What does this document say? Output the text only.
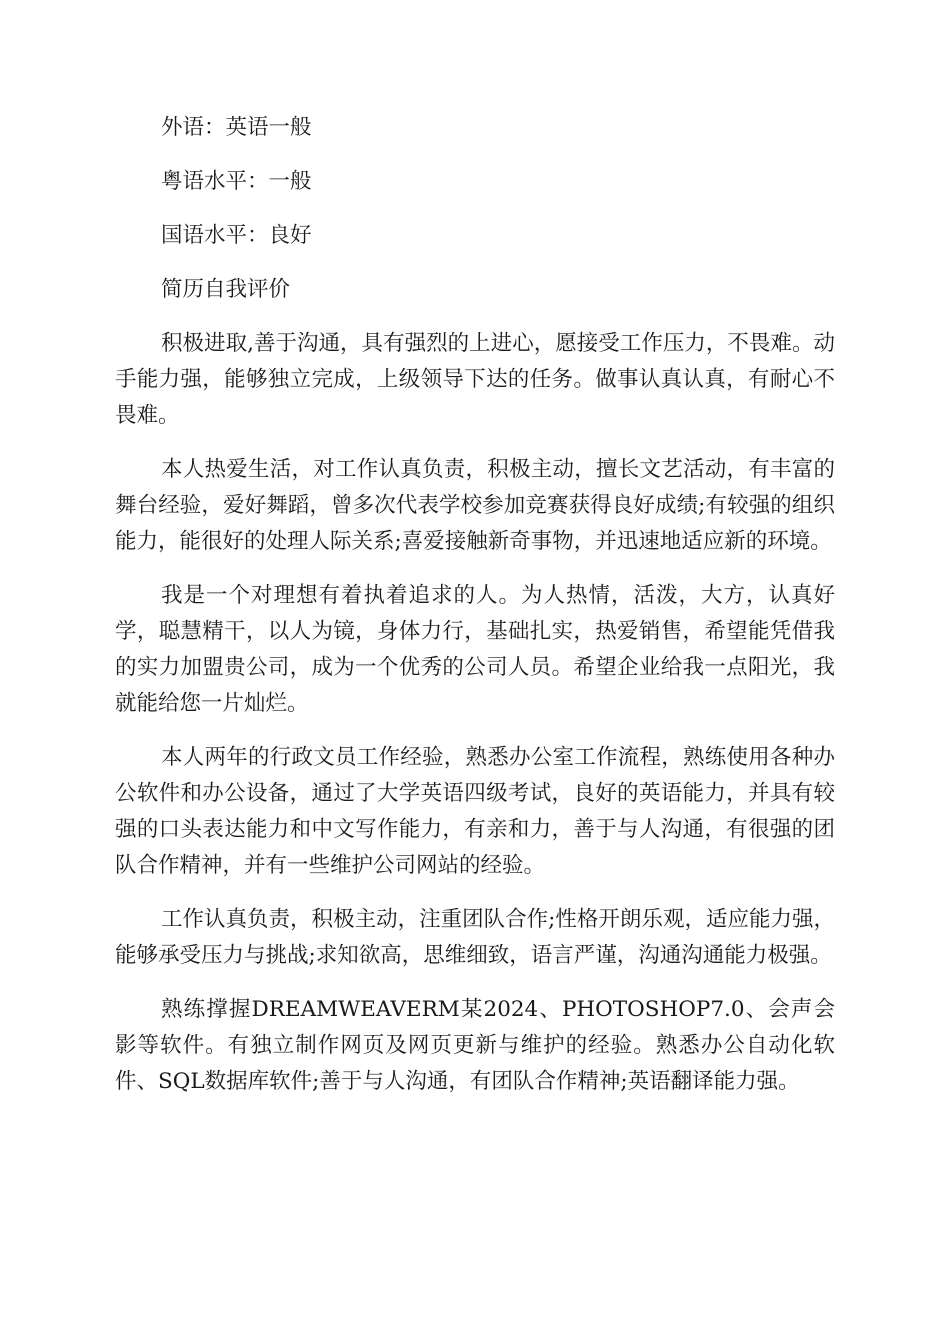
外语：英语一般

粤语水平：一般

国语水平：良好

简历自我评价

积极进取,善于沟通，具有强烈的上进心，愿接受工作压力，不畏难。动手能力强，能够独立完成，上级领导下达的任务。做事认真认真，有耐心不畏难。

本人热爱生活，对工作认真负责，积极主动，擅长文艺活动，有丰富的舞台经验，爱好舞蹈，曾多次代表学校参加竞赛获得良好成绩;有较强的组织能力，能很好的处理人际关系;喜爱接触新奇事物，并迅速地适应新的环境。

我是一个对理想有着执着追求的人。为人热情，活泼，大方，认真好学，聪慧精干，以人为镜，身体力行，基础扎实，热爱销售，希望能凭借我的实力加盟贵公司，成为一个优秀的公司人员。希望企业给我一点阳光，我就能给您一片灿烂。

本人两年的行政文员工作经验，熟悉办公室工作流程，熟练使用各种办公软件和办公设备，通过了大学英语四级考试，良好的英语能力，并具有较强的口头表达能力和中文写作能力，有亲和力，善于与人沟通，有很强的团队合作精神，并有一些维护公司网站的经验。

工作认真负责，积极主动，注重团队合作;性格开朗乐观，适应能力强，能够承受压力与挑战;求知欲高，思维细致，语言严谨，沟通沟通能力极强。

熟练撑握DREAMWEAVERM某2024、PHOTOSHOP7.0、会声会影等软件。有独立制作网页及网页更新与维护的经验。熟悉办公自动化软件、SQL数据库软件;善于与人沟通，有团队合作精神;英语翻译能力强。
